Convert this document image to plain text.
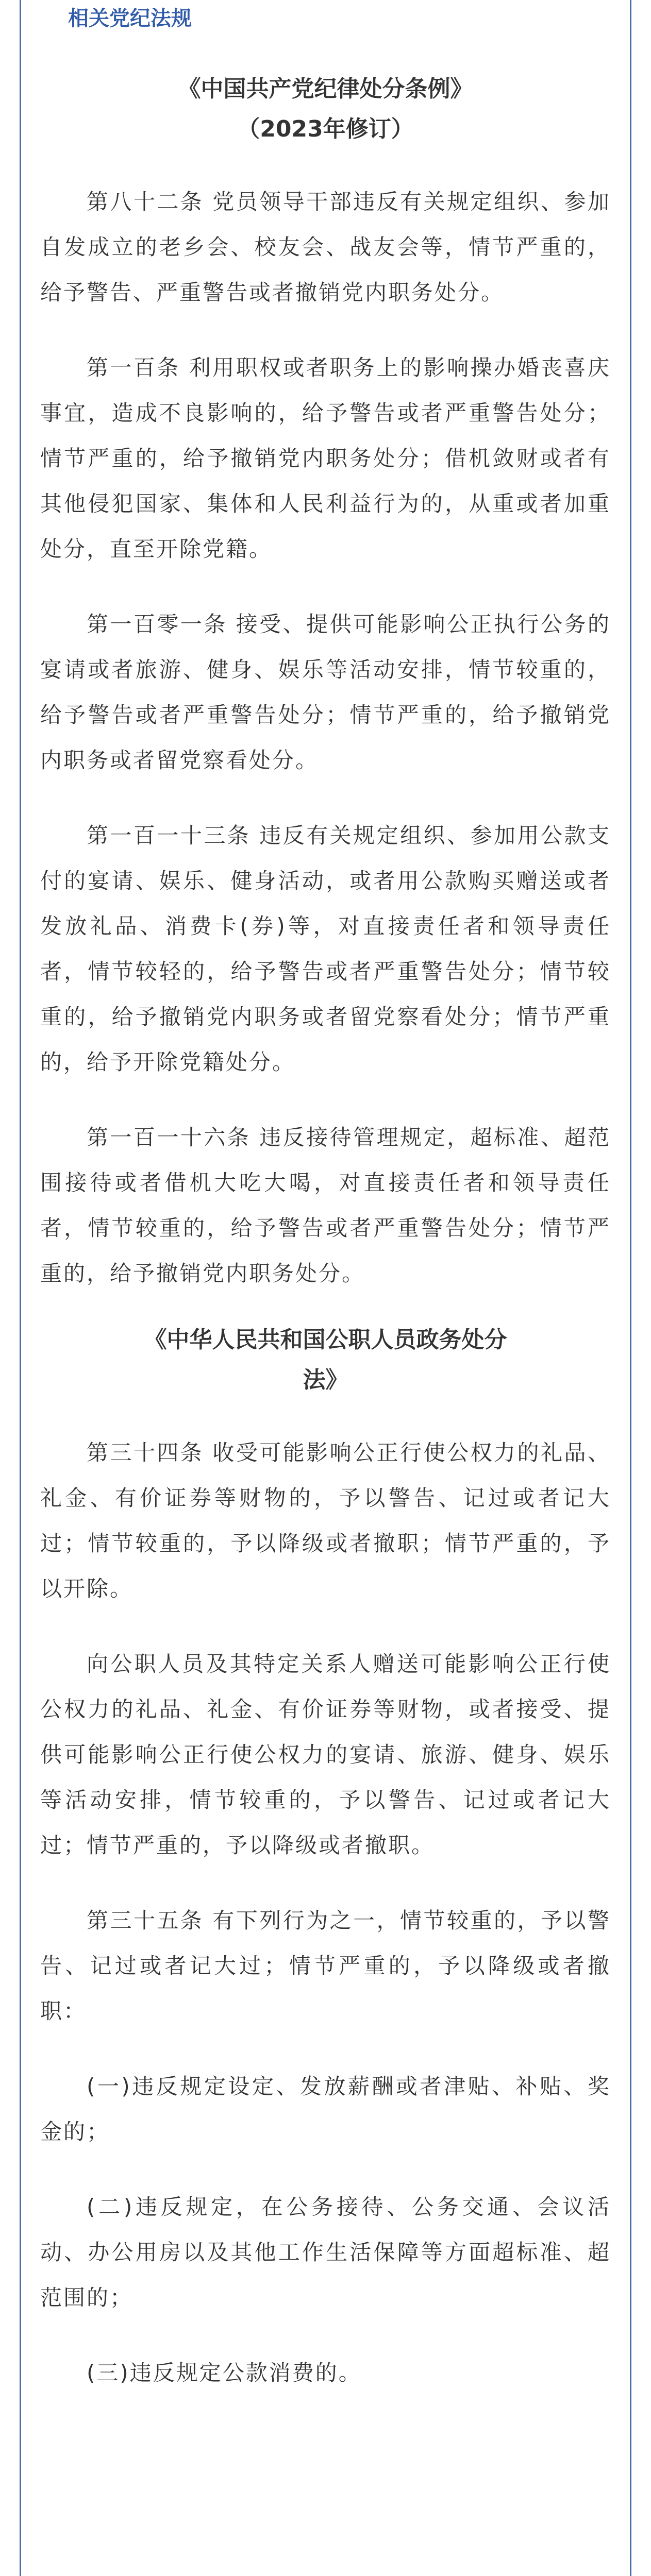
相关党纪法规
《中国共产党纪律处分条例》
（2023年修订）

第八十二条 党员领导干部违反有关规定组织、参加自发成立的老乡会、校友会、战友会等，情节严重的，给予警告、严重警告或者撤销党内职务处分。

第一百条 利用职权或者职务上的影响操办婚丧喜庆事宜，造成不良影响的，给予警告或者严重警告处分；情节严重的，给予撤销党内职务处分；借机敛财或者有其他侵犯国家、集体和人民利益行为的，从重或者加重处分，直至开除党籍。

第一百零一条 接受、提供可能影响公正执行公务的宴请或者旅游、健身、娱乐等活动安排，情节较重的，给予警告或者严重警告处分；情节严重的，给予撤销党内职务或者留党察看处分。

第一百一十三条 违反有关规定组织、参加用公款支付的宴请、娱乐、健身活动，或者用公款购买赠送或者发放礼品、消费卡(券)等，对直接责任者和领导责任者，情节较轻的，给予警告或者严重警告处分；情节较重的，给予撤销党内职务或者留党察看处分；情节严重的，给予开除党籍处分。

第一百一十六条 违反接待管理规定，超标准、超范围接待或者借机大吃大喝，对直接责任者和领导责任者，情节较重的，给予警告或者严重警告处分；情节严重的，给予撤销党内职务处分。

《中华人民共和国公职人员政务处分
法》

第三十四条 收受可能影响公正行使公权力的礼品、礼金、有价证券等财物的，予以警告、记过或者记大过；情节较重的，予以降级或者撤职；情节严重的，予以开除。

向公职人员及其特定关系人赠送可能影响公正行使公权力的礼品、礼金、有价证券等财物，或者接受、提供可能影响公正行使公权力的宴请、旅游、健身、娱乐等活动安排，情节较重的，予以警告、记过或者记大过；情节严重的，予以降级或者撤职。

第三十五条 有下列行为之一，情节较重的，予以警告、记过或者记大过；情节严重的，予以降级或者撤职：

(一)违反规定设定、发放薪酬或者津贴、补贴、奖金的；

(二)违反规定，在公务接待、公务交通、会议活动、办公用房以及其他工作生活保障等方面超标准、超范围的；

(三)违反规定公款消费的。
